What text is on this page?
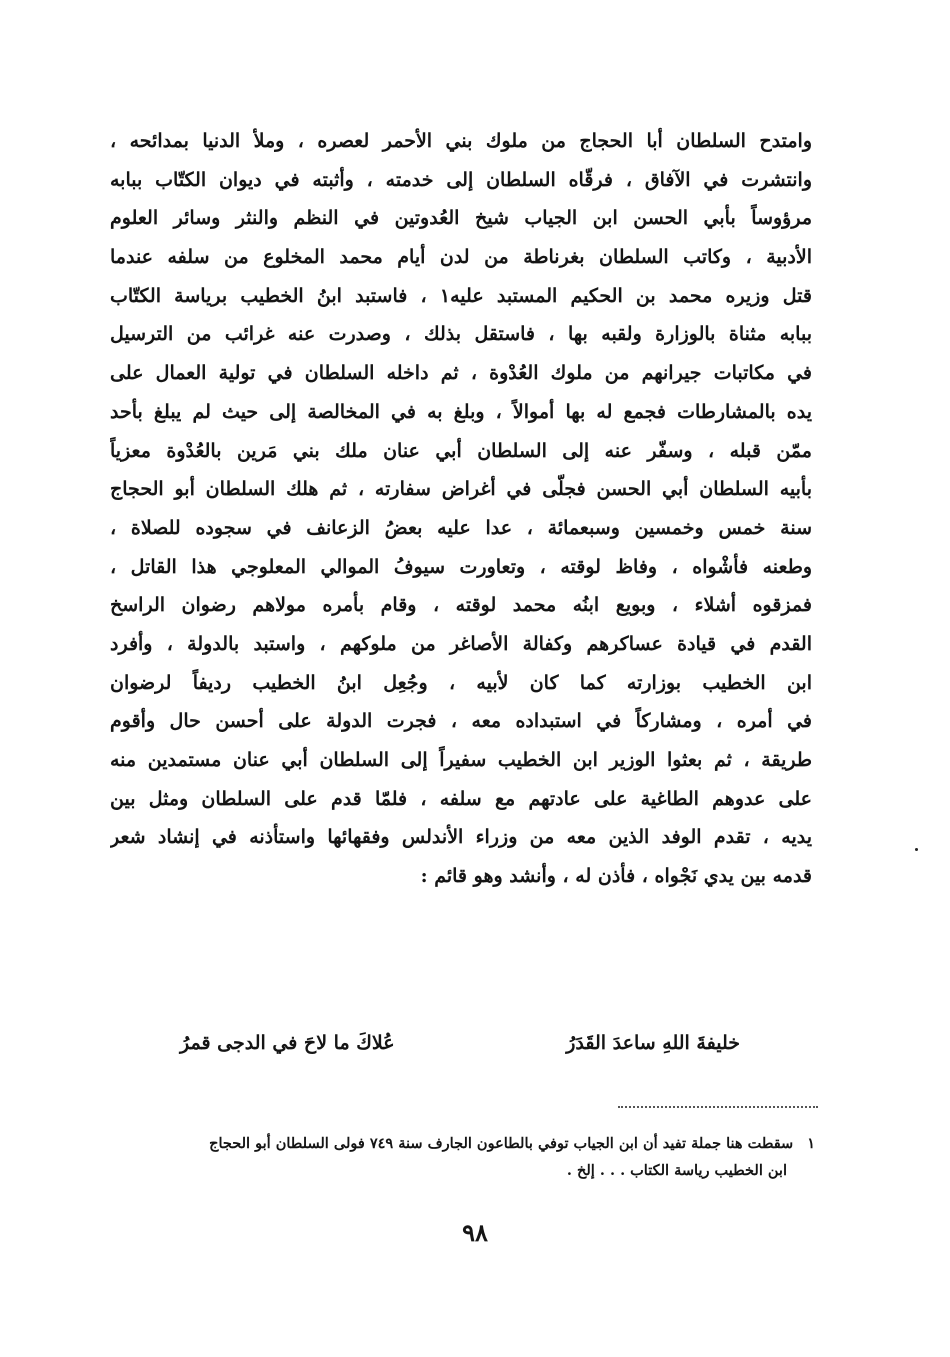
وامتدح السلطان أبا الحجاج من ملوك بني الأحمر لعصره ، وملأ الدنيا بمدائحه ،
وانتشرت في الآفاق ، فرقّاه السلطان إلى خدمته ، وأثبته في ديوان الكتّاب ببابه
مرؤوساً بأبي الحسن ابن الجياب شيخ العُدوتين في النظم والنثر وسائر العلوم
الأدبية ، وكاتب السلطان بغرناطة من لدن أيام محمد المخلوع من سلفه عندما
قتل وزيره محمد بن الحكيم المستبد عليه١ ، فاستبد ابنُ الخطيب برياسة الكتّاب
ببابه مثناة بالوزارة ولقبه بها ، فاستقل بذلك ، وصدرت عنه غرائب من الترسيل
في مكاتبات جيرانهم من ملوك العُدْوة ، ثم داخله السلطان في تولية العمال على
يده بالمشارطات فجمع له بها أموالاً ، وبلغ به في المخالصة إلى حيث لم يبلغ بأحد
ممّن قبله ، وسفّر عنه إلى السلطان أبي عنان ملك بني مَرين بالعُدْوة معزياً
بأبيه السلطان أبي الحسن فجلّى في أغراض سفارته ، ثم هلك السلطان أبو الحجاج
سنة خمس وخمسين وسبعمائة ، عدا عليه بعضُ الزعانف في سجوده للصلاة ،
وطعنه فأشْواه ، وفاظ لوقته ، وتعاورت سيوفُ الموالي المعلوجي هذا القاتل ،
فمزقوه أشلاء ، وبويع ابنُه محمد لوقته ، وقام بأمره مولاهم رضوان الراسخ
القدم في قيادة عساكرهم وكفالة الأصاغر من ملوكهم ، واستبد بالدولة ، وأفرد
ابن الخطيب بوزارته كما كان لأبيه ، وجُعِل ابنُ الخطيب رديفاً لرضوان
في أمره ، ومشاركاً في استبداده معه ، فجرت الدولة على أحسن حال وأقوم
طريقة ، ثم بعثوا الوزير ابن الخطيب سفيراً إلى السلطان أبي عنان مستمدين منه
على عدوهم الطاغية على عادتهم مع سلفه ، فلمّا قدم على السلطان ومثل بين
يديه ، تقدم الوفد الذين معه من وزراء الأندلس وفقهائها واستأذنه في إنشاد شعر
قدمه بين يدي نَجْواه ، فأذن له ، وأنشد وهو قائم :
خليفةَ اللهِ ساعدَ القَدَرُ
عُلاكَ ما لاحَ في الدجى قمرُ
١سقطت هنا جملة تفيد أن ابن الجياب توفي بالطاعون الجارف سنة ٧٤٩ فولى السلطان أبو الحجاج
ابن الخطيب رياسة الكتاب . . . إلخ .
٩٨
